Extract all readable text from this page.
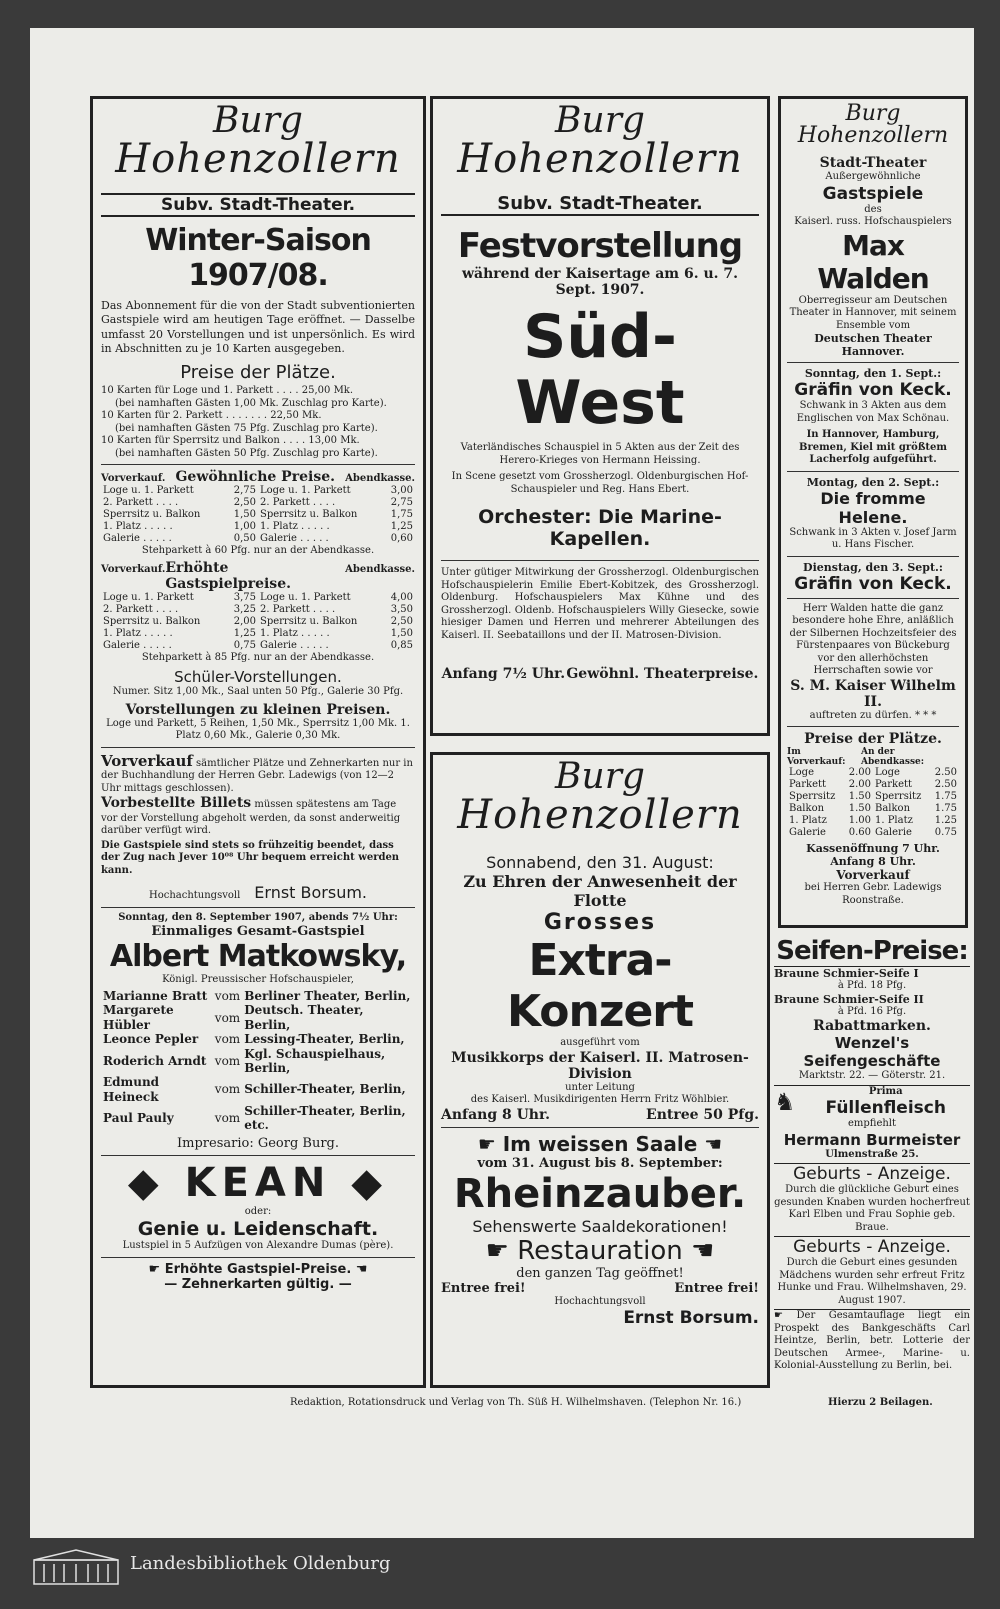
Burg
Hohenzollern
Subv. Stadt-Theater.
Winter-Saison 1907/08.
Das Abonnement für die von der Stadt subventionierten Gastspiele wird am heutigen Tage eröffnet. — Dasselbe umfasst 20 Vorstellungen und ist unpersönlich. Es wird in Abschnitten zu je 10 Karten ausgegeben.
Preise der Plätze.
10 Karten für Loge und 1. Parkett . . . . 25,00 Mk.
(bei namhaften Gästen 1,00 Mk. Zuschlag pro Karte).
10 Karten für 2. Parkett . . . . . . . 22,50 Mk.
(bei namhaften Gästen 75 Pfg. Zuschlag pro Karte).
10 Karten für Sperrsitz und Balkon . . . . 13,00 Mk.
(bei namhaften Gästen 50 Pfg. Zuschlag pro Karte).
Vorverkauf. Gewöhnliche Preise. Abendkasse.
Loge u. 1. Parkett	2,75	Loge u. 1. Parkett	3,00
2. Parkett . . . .	2,50	2. Parkett . . . .	2,75
Sperrsitz u. Balkon	1,50	Sperrsitz u. Balkon	1,75
1. Platz . . . . .	1,00	1. Platz . . . . .	1,25
Galerie . . . . .	0,50	Galerie . . . . .	0,60
Stehparkett à 60 Pfg. nur an der Abendkasse.
Vorverkauf. Erhöhte Gastspielpreise.
Abendkasse.
Loge u. 1. Parkett	3,75	Loge u. 1. Parkett	4,00
2. Parkett . . . .	3,25	2. Parkett . . . .	3,50
Sperrsitz u. Balkon	2,00	Sperrsitz u. Balkon	2,50
1. Platz . . . . .	1,25	1. Platz . . . . .	1,50
Galerie . . . . .	0,75	Galerie . . . . .	0,85
Stehparkett à 85 Pfg. nur an der Abendkasse.
Schüler-Vorstellungen.
Numer. Sitz 1,00 Mk., Saal unten 50 Pfg., Galerie 30 Pfg.
Vorstellungen zu kleinen Preisen.
Loge und Parkett, 5 Reihen, 1,50 Mk., Sperrsitz 1,00 Mk. 1. Platz 0,60 Mk., Galerie 0,30 Mk.
Vorverkauf sämtlicher Plätze und Zehnerkarten nur in der Buchhandlung der Herren Gebr. Ladewigs (von 12—2 Uhr mittags geschlossen).
Vorbestellte Billets müssen spätestens am Tage vor der Vorstellung abgeholt werden, da sonst anderweitig darüber verfügt wird.
Die Gastspiele sind stets so frühzeitig beendet, dass der Zug nach Jever 10⁰⁸ Uhr bequem erreicht werden kann.
Hochachtungsvoll Ernst Borsum.
Sonntag, den 8. September 1907, abends 7½ Uhr:
Einmaliges Gesamt-Gastspiel
Albert Matkowsky,
Königl. Preussischer Hofschauspieler,
Marianne Bratt	vom	Berliner Theater, Berlin,
Margarete Hübler	vom	Deutsch. Theater, Berlin,
Leonce Pepler	vom	Lessing-Theater, Berlin,
Roderich Arndt	vom	Kgl. Schauspielhaus, Berlin,
Edmund Heineck	vom	Schiller-Theater, Berlin,
Paul Pauly	vom	Schiller-Theater, Berlin, etc.
Impresario: Georg Burg.
◆ KEAN ◆
oder:
Genie u. Leidenschaft.
Lustspiel in 5 Aufzügen von Alexandre Dumas (père).
☛ Erhöhte Gastspiel-Preise. ☚
— Zehnerkarten gültig. —
Burg
Hohenzollern
Subv. Stadt-Theater.
Festvorstellung
während der Kaisertage am 6. u. 7. Sept. 1907.
Süd-West
Vaterländisches Schauspiel in 5 Akten aus der Zeit des Herero-Krieges von Hermann Heissing.
In Scene gesetzt vom Grossherzogl. Oldenburgischen Hof-Schauspieler und Reg. Hans Ebert.
Orchester: Die Marine-Kapellen.
Unter gütiger Mitwirkung der Grossherzogl. Oldenburgischen Hofschauspielerin Emilie Ebert-Kobitzek, des Grossherzogl. Oldenburg. Hofschauspielers Max Kühne und des Grossherzogl. Oldenb. Hofschauspielers Willy Giesecke, sowie hiesiger Damen und Herren und mehrerer Abteilungen des Kaiserl. II. Seebataillons und der II. Matrosen-Division.
Anfang 7½ Uhr. Gewöhnl. Theaterpreise.
Burg
Hohenzollern
Sonnabend, den 31. August:
Zu Ehren der Anwesenheit der Flotte
Grosses
Extra-Konzert
ausgeführt vom
Musikkorps der Kaiserl. II. Matrosen-Division
unter Leitung
des Kaiserl. Musikdirigenten Herrn Fritz Wöhlbier.
Anfang 8 Uhr.	Entree 50 Pfg.
☛ Im weissen Saale ☚
vom 31. August bis 8. September:
Rheinzauber.
Sehenswerte Saaldekorationen!
☛ Restauration ☚
den ganzen Tag geöffnet!
Entree frei!	Entree frei!
Hochachtungsvoll
Ernst Borsum.
Burg
Hohenzollern
Stadt-Theater
Außergewöhnliche
Gastspiele
des
Kaiserl. russ. Hofschauspielers
Max Walden
Oberregisseur am Deutschen Theater in Hannover, mit seinem Ensemble vom
Deutschen Theater Hannover.
Sonntag, den 1. Sept.:
Gräfin von Keck.
Schwank in 3 Akten aus dem Englischen von Max Schönau.
In Hannover, Hamburg, Bremen, Kiel mit größtem Lacherfolg aufgeführt.
Montag, den 2. Sept.:
Die fromme Helene.
Schwank in 3 Akten v. Josef Jarm u. Hans Fischer.
Dienstag, den 3. Sept.:
Gräfin von Keck.
Herr Walden hatte die ganz besondere hohe Ehre, anläßlich der Silbernen Hochzeitsfeier des Fürstenpaares von Bückeburg vor den allerhöchsten Herrschaften sowie vor
S. M. Kaiser Wilhelm II.
auftreten zu dürfen. * * *
Preise der Plätze.
Im Vorverkauf:
An der Abendkasse:
Loge	2.00	Loge	2.50
Parkett	2.00	Parkett	2.50
Sperrsitz	1.50	Sperrsitz	1.75
Balkon	1.50	Balkon	1.75
1. Platz	1.00	1. Platz	1.25
Galerie	0.60	Galerie	0.75
Kassenöffnung 7 Uhr.
Anfang 8 Uhr.
Vorverkauf
bei Herren Gebr. Ladewigs
Roonstraße.
Seifen-Preise:
Braune Schmier-Seife I
à Pfd. 18 Pfg.
Braune Schmier-Seife II
à Pfd. 16 Pfg.
Rabattmarken.
Wenzel's Seifengeschäfte
Marktstr. 22. — Göterstr. 21.
♞	Prima
Füllenfleisch
empfiehlt
Hermann Burmeister
Ulmenstraße 25.
Geburts - Anzeige.
Durch die glückliche Geburt eines gesunden Knaben wurden hocherfreut Karl Elben und Frau Sophie geb. Braue.
Geburts - Anzeige.
Durch die Geburt eines gesunden Mädchens wurden sehr erfreut Fritz Hunke und Frau. Wilhelmshaven, 29. August 1907.
☛ Der Gesamtauflage liegt ein Prospekt des Bankgeschäfts Carl Heintze, Berlin, betr. Lotterie der Deutschen Armee-, Marine- u. Kolonial-Ausstellung zu Berlin, bei.
Redaktion, Rotationsdruck und Verlag von Th. Süß H. Wilhelmshaven. (Telephon Nr. 16.)	Hierzu 2 Beilagen.
Landesbibliothek Oldenburg
